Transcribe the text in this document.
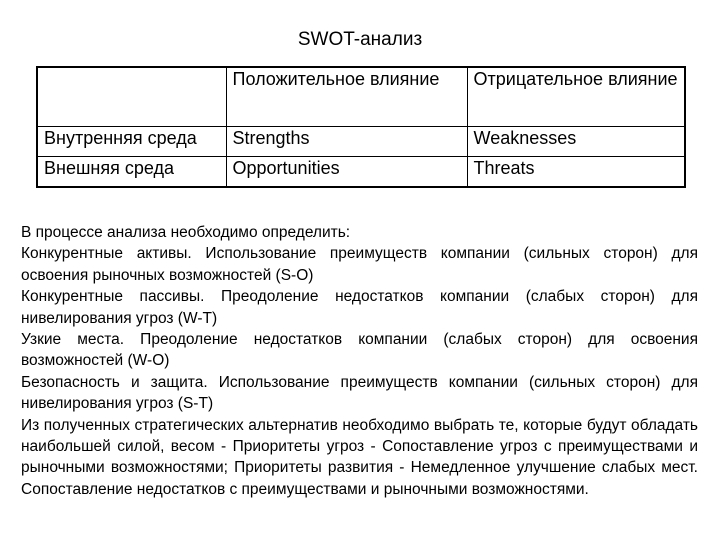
SWOT-анализ
	Положительное влияние	Отрицательное влияние
Внутренняя среда	Strengths	Weaknesses
Внешняя среда	Opportunities	Threats

В процессе анализа необходимо определить:

Конкурентные активы. Использование преимуществ компании (сильных сторон) для освоения рыночных возможностей (S-O)

Конкурентные пассивы. Преодоление недостатков компании (слабых сторон) для нивелирования угроз (W-T)

Узкие места. Преодоление недостатков компании (слабых сторон) для освоения возможностей (W-O)

Безопасность и защита. Использование преимуществ компании (сильных сторон) для нивелирования угроз (S-T)

Из полученных стратегических альтернатив необходимо выбрать те, которые будут обладать наибольшей силой, весом - Приоритеты угроз - Сопоставление угроз с преимуществами и рыночными возможностями; Приоритеты развития - Немедленное улучшение слабых мест. Сопоставление недостатков с преимуществами и рыночными возможностями.
